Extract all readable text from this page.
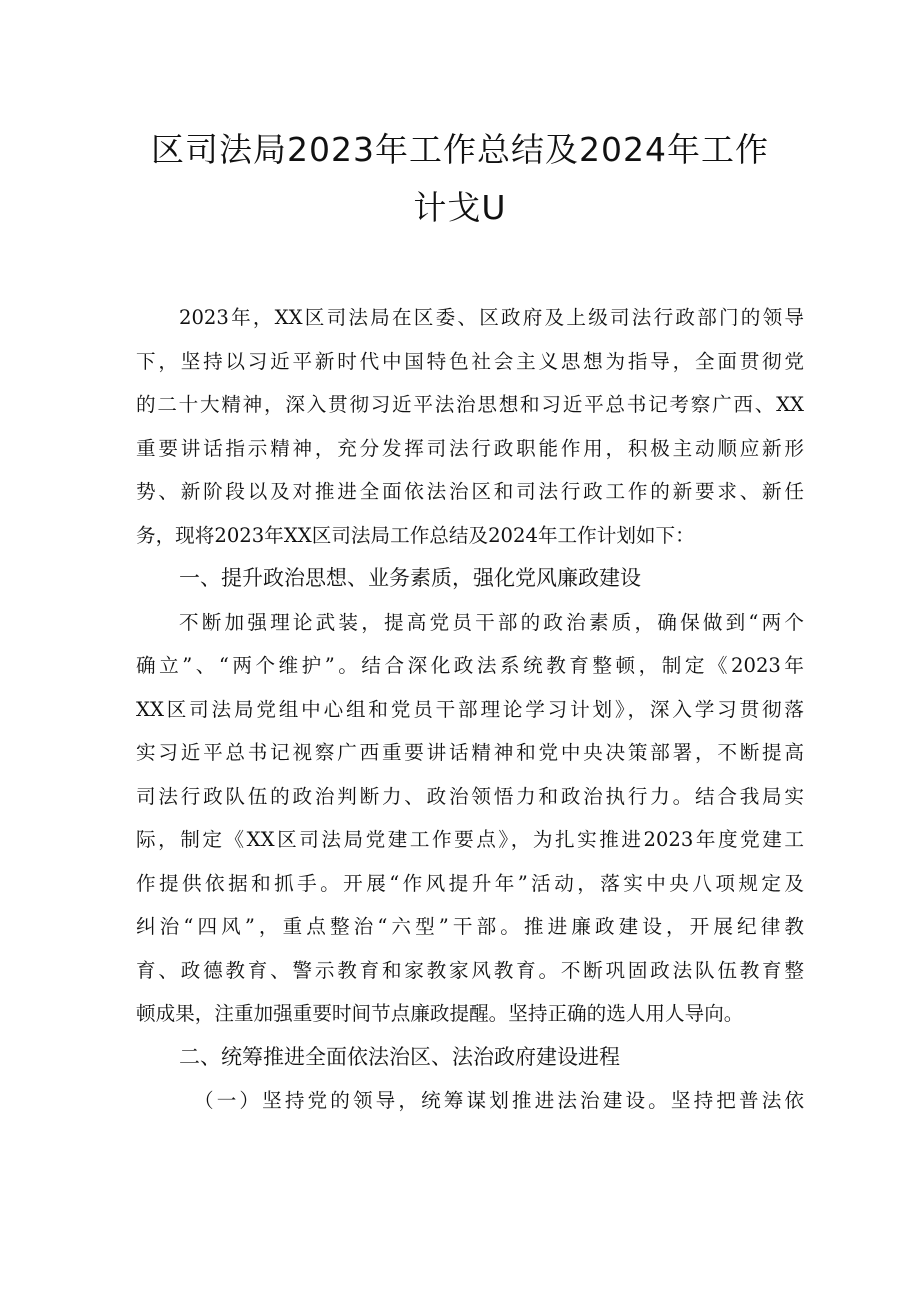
区司法局2023年工作总结及2024年工作
计戈U
2023年，XX区司法局在区委、区政府及上级司法行政部门的领导
下，坚持以习近平新时代中国特色社会主义思想为指导，全面贯彻党
的二十大精神，深入贯彻习近平法治思想和习近平总书记考察广西、XX
重要讲话指示精神，充分发挥司法行政职能作用，积极主动顺应新形
势、新阶段以及对推进全面依法治区和司法行政工作的新要求、新任
务，现将2023年XX区司法局工作总结及2024年工作计划如下：
一、提升政治思想、业务素质，强化党风廉政建设
不断加强理论武装，提高党员干部的政治素质，确保做到“两个
确立”、“两个维护”。结合深化政法系统教育整顿，制定《2023年
XX区司法局党组中心组和党员干部理论学习计划》，深入学习贯彻落
实习近平总书记视察广西重要讲话精神和党中央决策部署，不断提高
司法行政队伍的政治判断力、政治领悟力和政治执行力。结合我局实
际，制定《XX区司法局党建工作要点》，为扎实推进2023年度党建工
作提供依据和抓手。开展“作风提升年”活动，落实中央八项规定及
纠治“四风”，重点整治“六型”干部。推进廉政建设，开展纪律教
育、政德教育、警示教育和家教家风教育。不断巩固政法队伍教育整
顿成果，注重加强重要时间节点廉政提醒。坚持正确的选人用人导向。
二、统筹推进全面依法治区、法治政府建设进程
（一）坚持党的领导，统筹谋划推进法治建设。坚持把普法依
